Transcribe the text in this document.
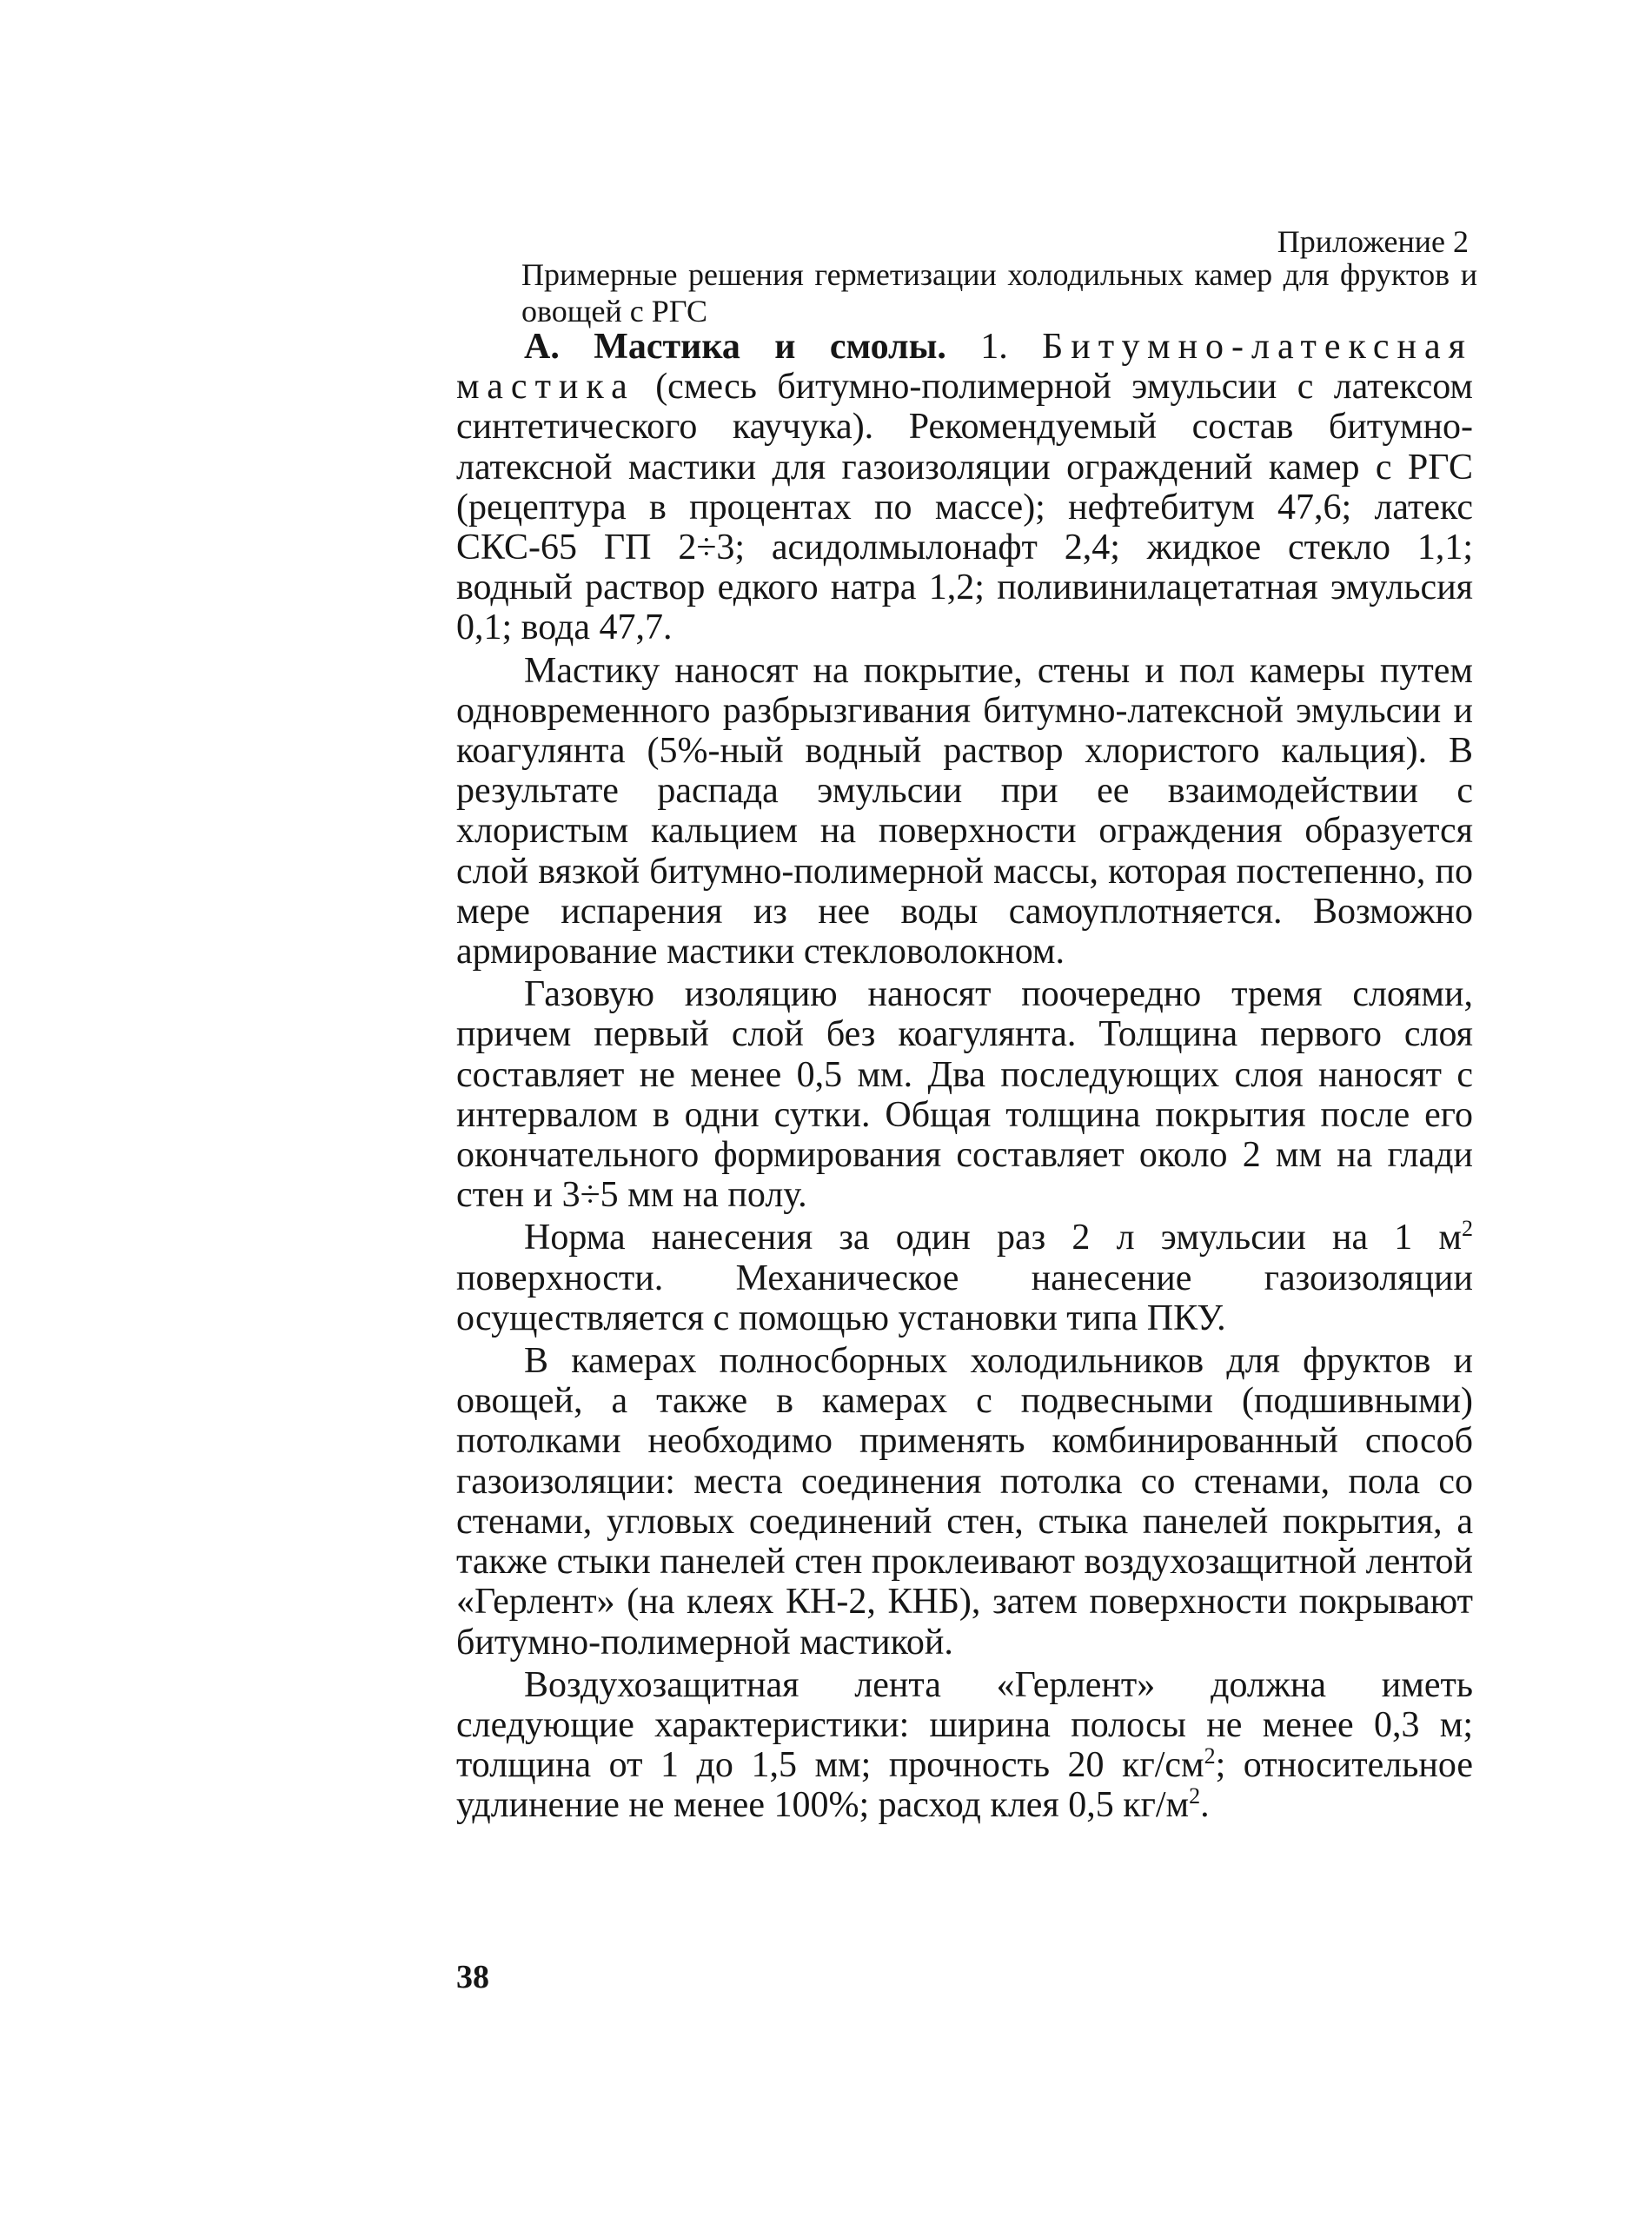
Приложение 2
Примерные решения герметизации холодильных камер для фруктов и овощей с РГС

А. Мастика и смолы. 1. Битумно-латексная мастика (смесь битумно-полимерной эмульсии с латексом синтетического каучука). Рекомендуемый состав битумно-латексной мастики для газоизоляции ограждений камер с РГС (рецептура в процентах по массе); нефтебитум 47,6; латекс СКС-65 ГП 2÷3; асидолмылонафт 2,4; жидкое стекло 1,1; водный раствор едкого натра 1,2; поливинилацетатная эмульсия 0,1; вода 47,7.

Мастику наносят на покрытие, стены и пол камеры путем одновременного разбрызгивания битумно-латексной эмульсии и коагулянта (5%-ный водный раствор хлористого кальция). В результате распада эмульсии при ее взаимодействии с хлористым кальцием на поверхности ограждения образуется слой вязкой битумно-полимерной массы, которая постепенно, по мере испарения из нее воды самоуплотняется. Возможно армирование мастики стекловолокном.

Газовую изоляцию наносят поочередно тремя слоями, причем первый слой без коагулянта. Толщина первого слоя составляет не менее 0,5 мм. Два последующих слоя наносят с интервалом в одни сутки. Общая толщина покрытия после его окончательного формирования составляет около 2 мм на глади стен и 3÷5 мм на полу.

Норма нанесения за один раз 2 л эмульсии на 1 $м^2$ поверхности. Механическое нанесение газоизоляции осуществляется с помощью установки типа ПКУ.

В камерах полносборных холодильников для фруктов и овощей, а также в камерах с подвесными (подшивными) потолками необходимо применять комбинированный способ газоизоляции: места соединения потолка со стенами, пола со стенами, угловых соединений стен, стыка панелей покрытия, а также стыки панелей стен проклеивают воздухозащитной лентой «Герлент» (на клеях КН-2, КНБ), затем поверхности покрывают битумно-полимерной мастикой.

Воздухозащитная лента «Герлент» должна иметь следующие характеристики: ширина полосы не менее 0,3 м; толщина от 1 до 1,5 мм; прочность 20 $кг/см^2$; относительное удлинение не менее 100%; расход клея 0,5 $кг/м^2$.

38
